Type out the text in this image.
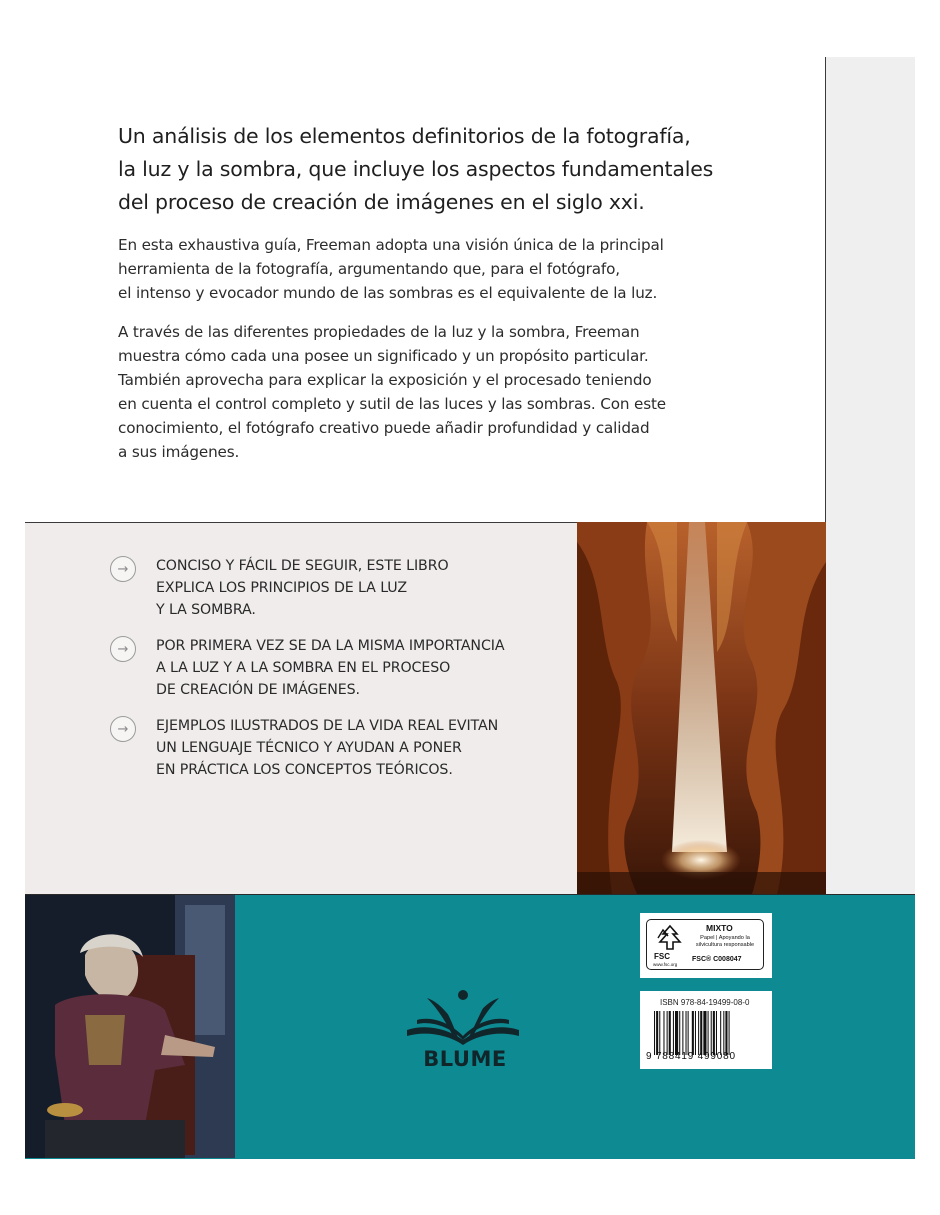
Un análisis de los elementos definitorios de la fotografía,
la luz y la sombra, que incluye los aspectos fundamentales
del proceso de creación de imágenes en el siglo xxi.
En esta exhaustiva guía, Freeman adopta una visión única de la principal
herramienta de la fotografía, argumentando que, para el fotógrafo,
el intenso y evocador mundo de las sombras es el equivalente de la luz.
A través de las diferentes propiedades de la luz y la sombra, Freeman
muestra cómo cada una posee un significado y un propósito particular.
También aprovecha para explicar la exposición y el procesado teniendo
en cuenta el control completo y sutil de las luces y las sombras. Con este
conocimiento, el fotógrafo creativo puede añadir profundidad y calidad
a sus imágenes.
→	CONCISO Y FÁCIL DE SEGUIR, ESTE LIBRO
EXPLICA LOS PRINCIPIOS DE LA LUZ
Y LA SOMBRA.
→	POR PRIMERA VEZ SE DA LA MISMA IMPORTANCIA
A LA LUZ Y A LA SOMBRA EN EL PROCESO
DE CREACIÓN DE IMÁGENES.
→	EJEMPLOS ILUSTRADOS DE LA VIDA REAL EVITAN
UN LENGUAJE TÉCNICO Y AYUDAN A PONER
EN PRÁCTICA LOS CONCEPTOS TEÓRICOS.
BLUME
MIXTO
Papel | Apoyando la
silvicultura responsable
FSC® C008047
FSC
www.fsc.org
ISBN 978-84-19499-08-0
9 788419 499080
